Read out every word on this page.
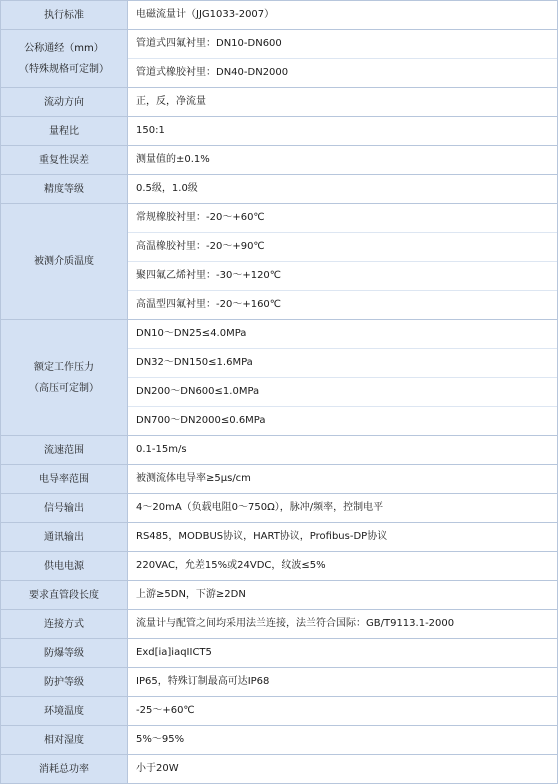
执行标准	电磁流量计（JJG1033-2007）

公称通经（mm）
（特殊规格可定制）	管道式四氟衬里：DN10-DN600
管道式橡胶衬里：DN40-DN2000

流动方向	正，反，净流量

量程比	150:1

重复性误差	测量值的±0.1%

精度等级	0.5级，1.0级

被测介质温度	常规橡胶衬里：-20～+60℃
高温橡胶衬里：-20～+90℃
聚四氟乙烯衬里：-30～+120℃
高温型四氟衬里：-20～+160℃

额定工作压力
（高压可定制）	DN10～DN25≤4.0MPa
DN32～DN150≤1.6MPa
DN200～DN600≤1.0MPa
DN700～DN2000≤0.6MPa

流速范围	0.1-15m/s

电导率范围	被测流体电导率≥5μs/cm

信号输出	4～20mA（负载电阻0～750Ω），脉冲/频率，控制电平

通讯输出	RS485，MODBUS协议，HART协议，Profibus-DP协议

供电电源	220VAC，允差15%或24VDC，纹波≤5%

要求直管段长度	上游≥5DN，下游≥2DN

连接方式	流量计与配管之间均采用法兰连接，法兰符合国际：GB/T9113.1-2000

防爆等级	Exd[ia]iaqIICT5

防护等级	IP65，特殊订制最高可达IP68

环境温度	-25～+60℃

相对湿度	5%～95%

消耗总功率	小于20W
